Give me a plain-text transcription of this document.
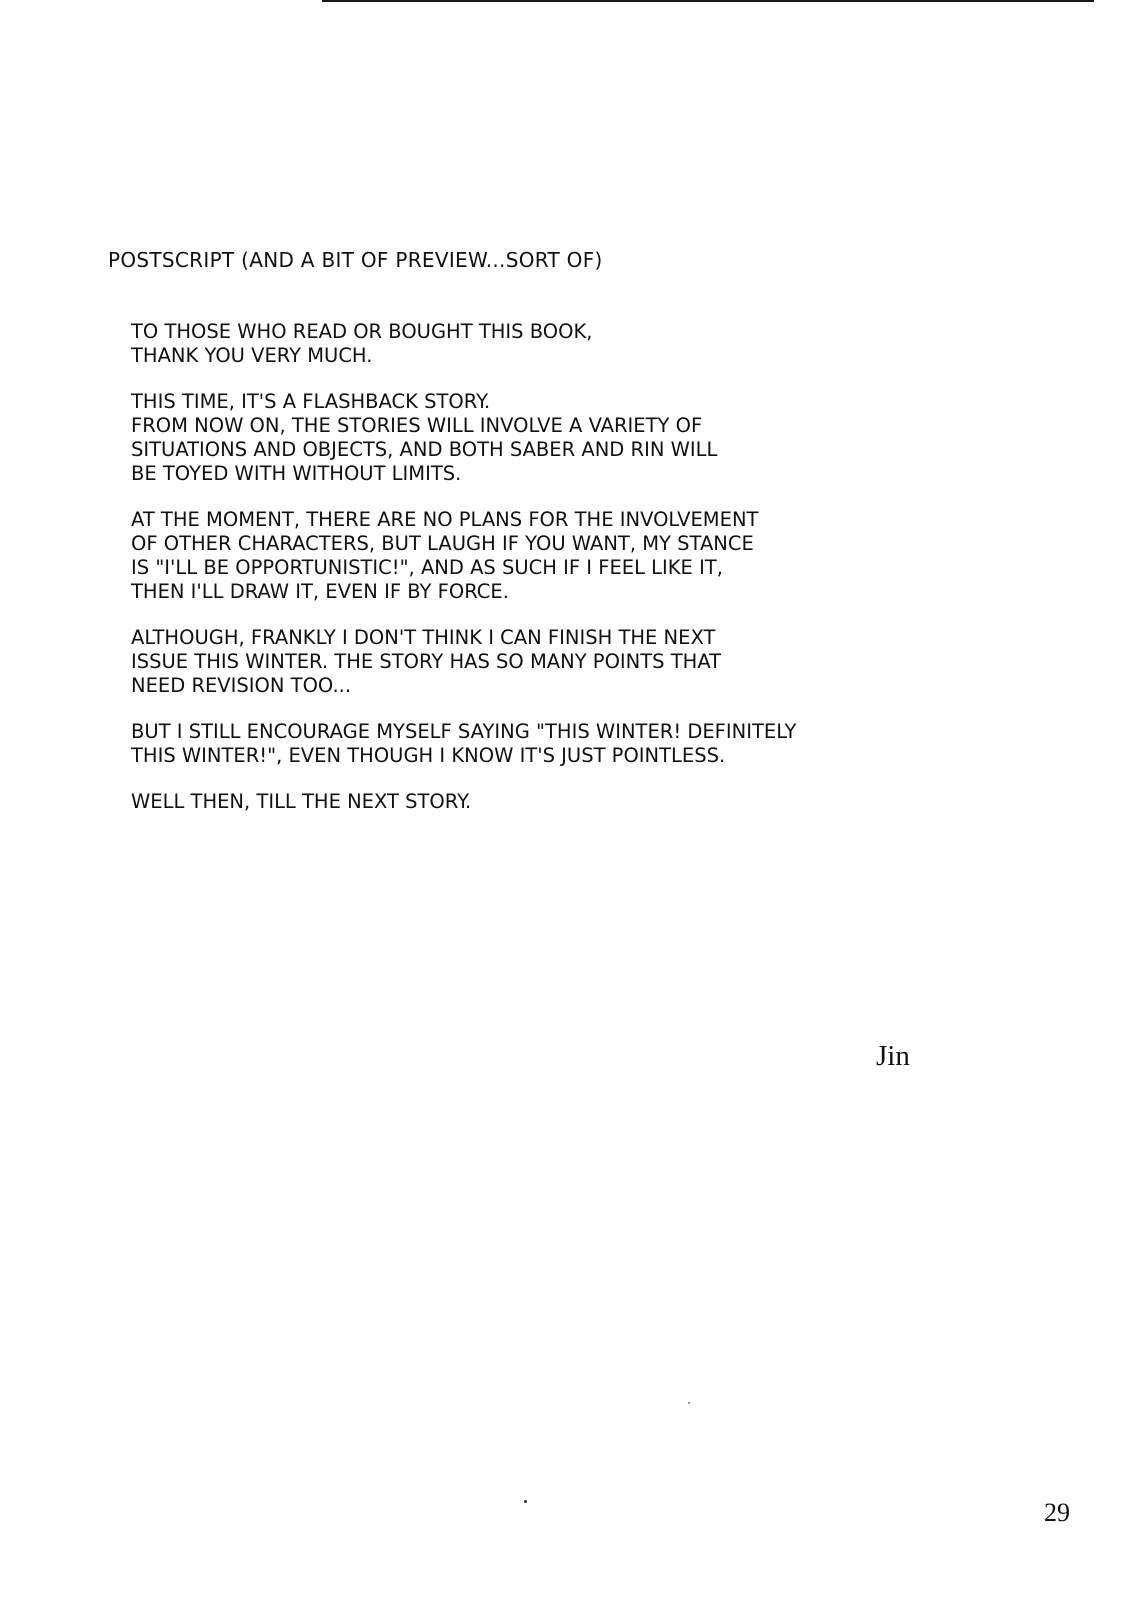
POSTSCRIPT (AND A BIT OF PREVIEW...SORT OF)

TO THOSE WHO READ OR BOUGHT THIS BOOK,
THANK YOU VERY MUCH.

THIS TIME, IT'S A FLASHBACK STORY.
FROM NOW ON, THE STORIES WILL INVOLVE A VARIETY OF
SITUATIONS AND OBJECTS, AND BOTH SABER AND RIN WILL
BE TOYED WITH WITHOUT LIMITS.

AT THE MOMENT, THERE ARE NO PLANS FOR THE INVOLVEMENT
OF OTHER CHARACTERS, BUT LAUGH IF YOU WANT, MY STANCE
IS "I'LL BE OPPORTUNISTIC!", AND AS SUCH IF I FEEL LIKE IT,
THEN I'LL DRAW IT, EVEN IF BY FORCE.

ALTHOUGH, FRANKLY I DON'T THINK I CAN FINISH THE NEXT
ISSUE THIS WINTER. THE STORY HAS SO MANY POINTS THAT
NEED REVISION TOO...

BUT I STILL ENCOURAGE MYSELF SAYING "THIS WINTER! DEFINITELY
THIS WINTER!", EVEN THOUGH I KNOW IT'S JUST POINTLESS.

WELL THEN, TILL THE NEXT STORY.

Jin

29
